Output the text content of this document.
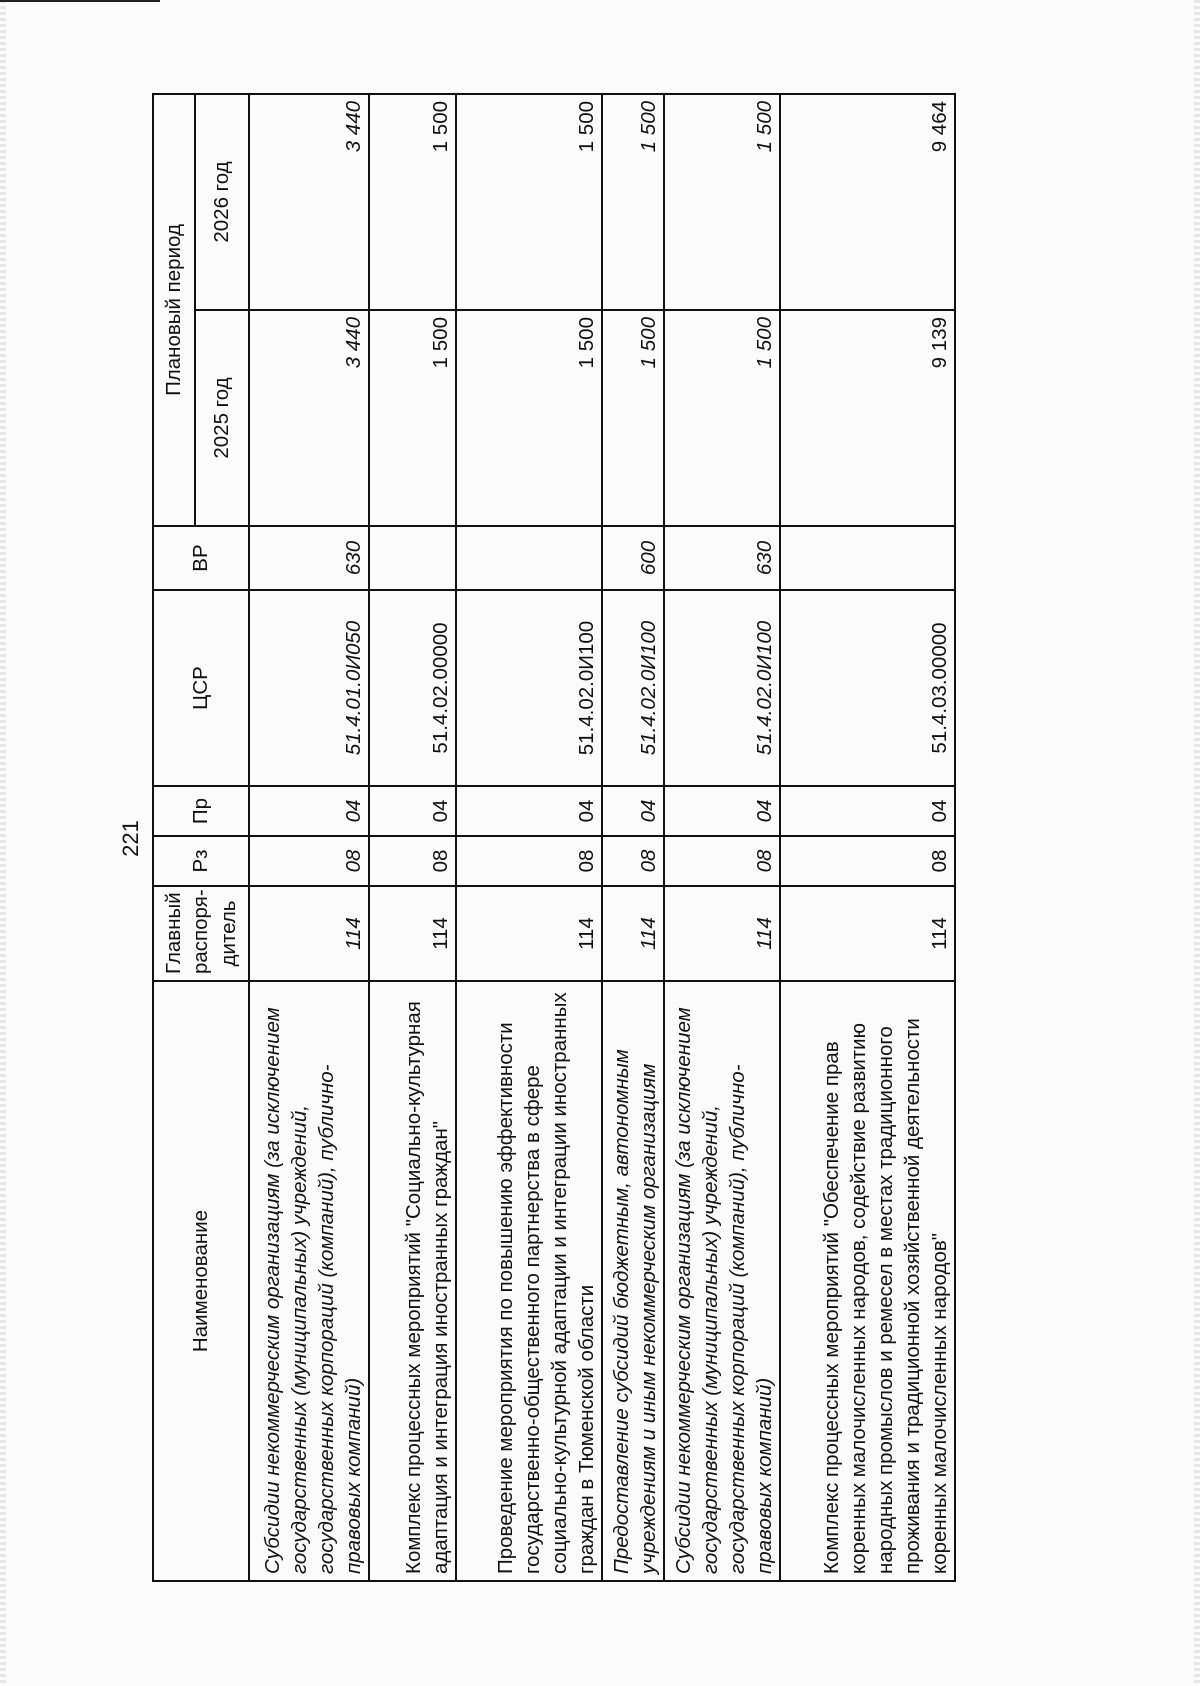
221
Наименование	Главный распоря-дитель	Рз	Пр	ЦСР	ВР	Плановый период	
						2025 год	2026 год
Субсидии некоммерческим организациям (за исключением государственных (муниципальных) учреждений, государственных корпораций (компаний), публично-правовых компаний)	114	08	04	51.4.01.0И050	630	3 440	3 440
Комплекс процессных мероприятий "Социально-культурная адаптация и интеграция иностранных граждан"	114	08	04	51.4.02.00000		1 500	1 500
Проведение мероприятия по повышению эффективности государственно-общественного партнерства в сфере социально-культурной адаптации и интеграции иностранных граждан в Тюменской области	114	08	04	51.4.02.0И100		1 500	1 500
Предоставление субсидий бюджетным, автономным учреждениям и иным некоммерческим организациям	114	08	04	51.4.02.0И100	600	1 500	1 500
Субсидии некоммерческим организациям (за исключением государственных (муниципальных) учреждений, государственных корпораций (компаний), публично-правовых компаний)	114	08	04	51.4.02.0И100	630	1 500	1 500
Комплекс процессных мероприятий "Обеспечение прав коренных малочисленных народов, содействие развитию народных промыслов и ремесел в местах традиционного проживания и традиционной хозяйственной деятельности коренных малочисленных народов"	114	08	04	51.4.03.00000		9 139	9 464
